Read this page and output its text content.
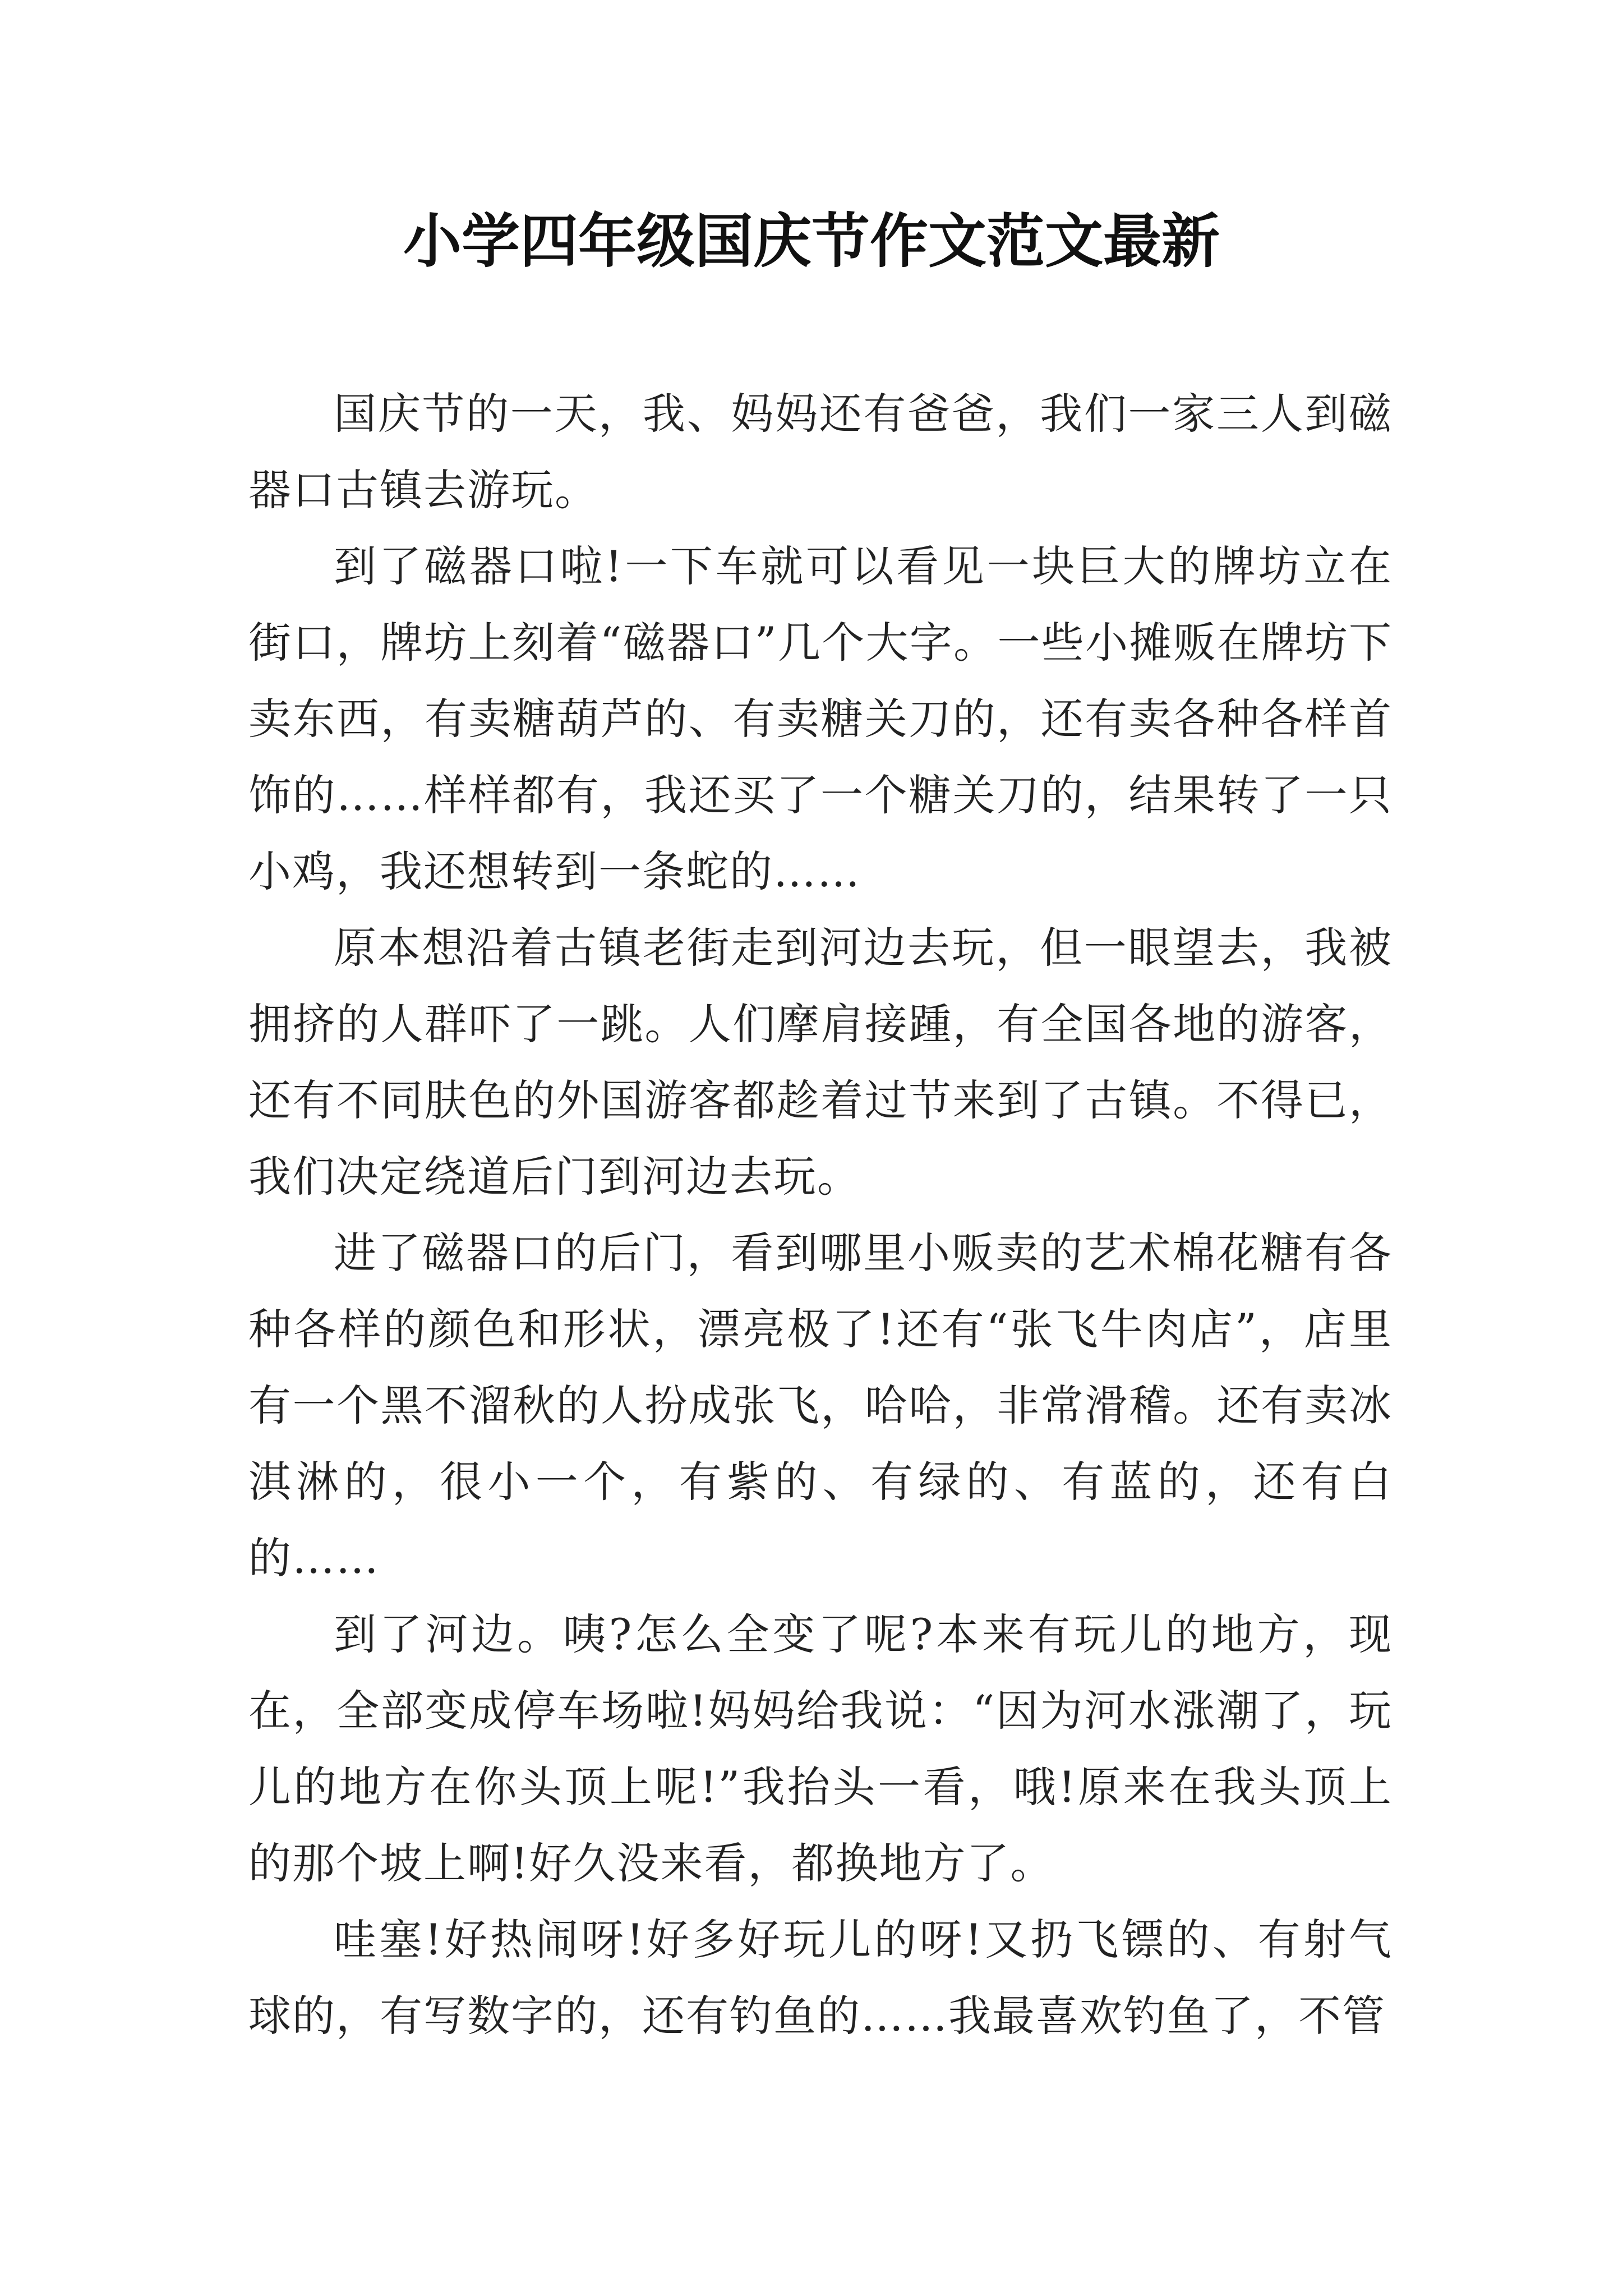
小学四年级国庆节作文范文最新

国庆节的一天，我、妈妈还有爸爸，我们一家三人到磁器口古镇去游玩。

到了磁器口啦!一下车就可以看见一块巨大的牌坊立在街口，牌坊上刻着“磁器口”几个大字。一些小摊贩在牌坊下卖东西，有卖糖葫芦的、有卖糖关刀的，还有卖各种各样首饰的……样样都有，我还买了一个糖关刀的，结果转了一只小鸡，我还想转到一条蛇的……

原本想沿着古镇老街走到河边去玩，但一眼望去，我被拥挤的人群吓了一跳。人们摩肩接踵，有全国各地的游客，还有不同肤色的外国游客都趁着过节来到了古镇。不得已，我们决定绕道后门到河边去玩。

进了磁器口的后门，看到哪里小贩卖的艺术棉花糖有各种各样的颜色和形状，漂亮极了!还有“张飞牛肉店”，店里有一个黑不溜秋的人扮成张飞，哈哈，非常滑稽。还有卖冰淇淋的，很小一个，有紫的、有绿的、有蓝的，还有白的……

到了河边。咦?怎么全变了呢?本来有玩儿的地方，现在，全部变成停车场啦!妈妈给我说：“因为河水涨潮了，玩儿的地方在你头顶上呢!”我抬头一看，哦!原来在我头顶上的那个坡上啊!好久没来看，都换地方了。

哇塞!好热闹呀!好多好玩儿的呀!又扔飞镖的、有射气球的，有写数字的，还有钓鱼的……我最喜欢钓鱼了，不管
